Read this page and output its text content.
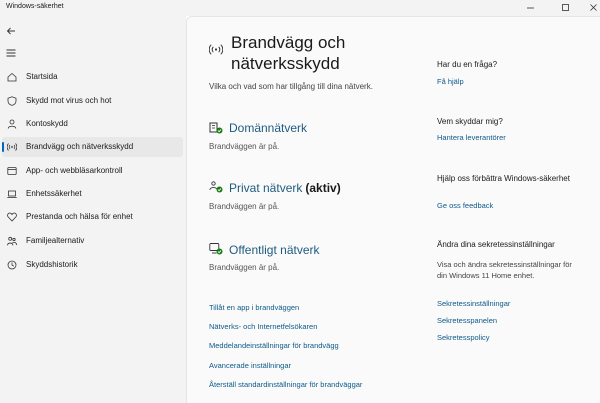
Windows-säkerhet
Startsida
Skydd mot virus och hot
Kontoskydd
Brandvägg och nätverksskydd
App- och webbläsarkontroll
Enhetssäkerhet
Prestanda och hälsa för enhet
Familjealternativ
Skyddshistorik
Brandvägg och nätverksskydd
Vilka och vad som har tillgång till dina nätverk.
Domännätverk
Brandväggen är på.
Privat nätverk (aktiv)
Brandväggen är på.
Offentligt nätverk
Brandväggen är på.
Tillåt en app i brandväggen
Nätverks- och Internetfelsökaren
Meddelandeinställningar för brandvägg
Avancerade inställningar
Återställ standardinställningar för brandväggar
Har du en fråga?
Få hjälp
Vem skyddar mig?
Hantera leverantörer
Hjälp oss förbättra Windows-säkerhet
Ge oss feedback
Ändra dina sekretessinställningar
Visa och ändra sekretessinställningar för din Windows 11 Home enhet.
Sekretessinställningar
Sekretesspanelen
Sekretesspolicy
